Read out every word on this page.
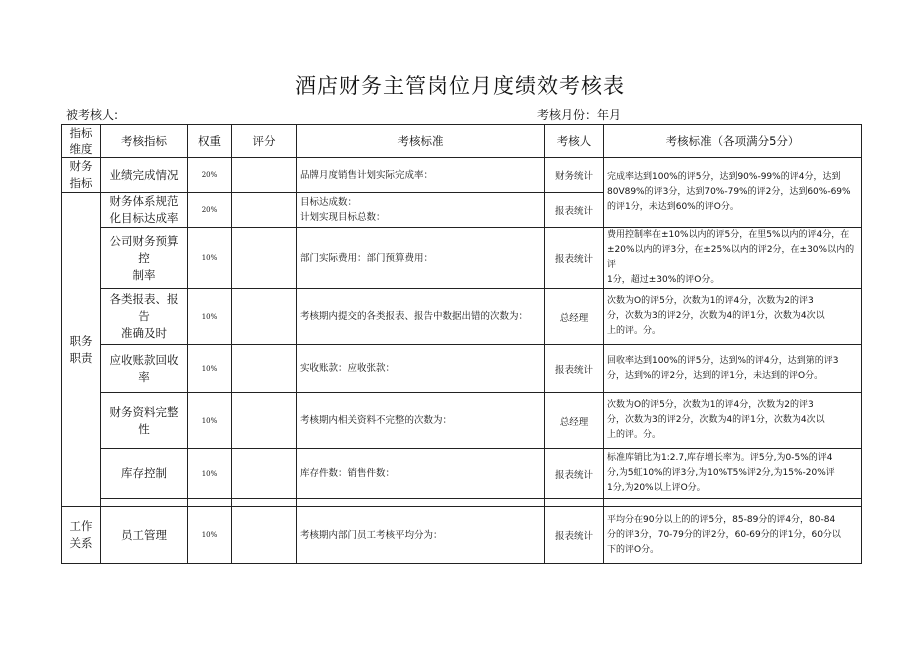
酒店财务主管岗位月度绩效考核表
被考核人:	考核月份：年月
指标
维度	考核指标	权重	评分	考核标准	考核人	考核标准（各项满分5分）

财务
指标	业绩完成情况	20%		品牌月度销售计划实际完成率：	财务统计	完成率达到100%的评5分，达到90%-99%的评4分，达到
80V89%的评3分，达到70%-79%的评2分，达到60%-69%
的评1分，未达到60%的评O分。

职务
职责	财务体系规范
化目标达成率	20%		目标达成数：
计划实现目标总数：	报表统计	

	公司财务预算控
制率	10%		部门实际费用：部门预算费用：	报表统计	费用控制率在±10%以内的评5分，在里5%以内的评4分，在
±20%以内的评3分，在±25%以内的评2分，在±30%以内的评
1分，超过±30%的评O分。

	各类报表、报告
准确及时	10%		考核期内提交的各类报表、报告中数据出错的次数为：	总经理	次数为O的评5分，次数为1的评4分，次数为2的评3
分，次数为3的评2分，次数为4的评1分，次数为4次以
上的评。分。

	应收账款回收率	10%		实收账款：应收张款：	报表统计	回收率达到100%的评5分，达到%的评4分，达到第的评3
分，达到%的评2分，达到的评1分，未达到的评O分。

	财务资料完整性	10%		考核期内相关资料不完整的次数为：	总经理	次数为O的评5分，次数为1的评4分，次数为2的评3
分，次数为3的评2分，次数为4的评1分，次数为4次以
上的评。分。

	库存控制	10%		库存件数：销售件数：	报表统计	标准库销比为1:2.7,库存增长率为。评5分,为0-5%的评4
分,为5虹10%的评3分,为10%T5%评2分,为15%-20%评
1分,为20%以上评O分。

工作
关系	员工管理	10%		考核期内部门员工考核平均分为：	报表统计	平均分在90分以上的的评5分，85-89分的评4分，80-84
分的评3分，70-79分的评2分，60-69分的评1分，60分以
下的评O分。
